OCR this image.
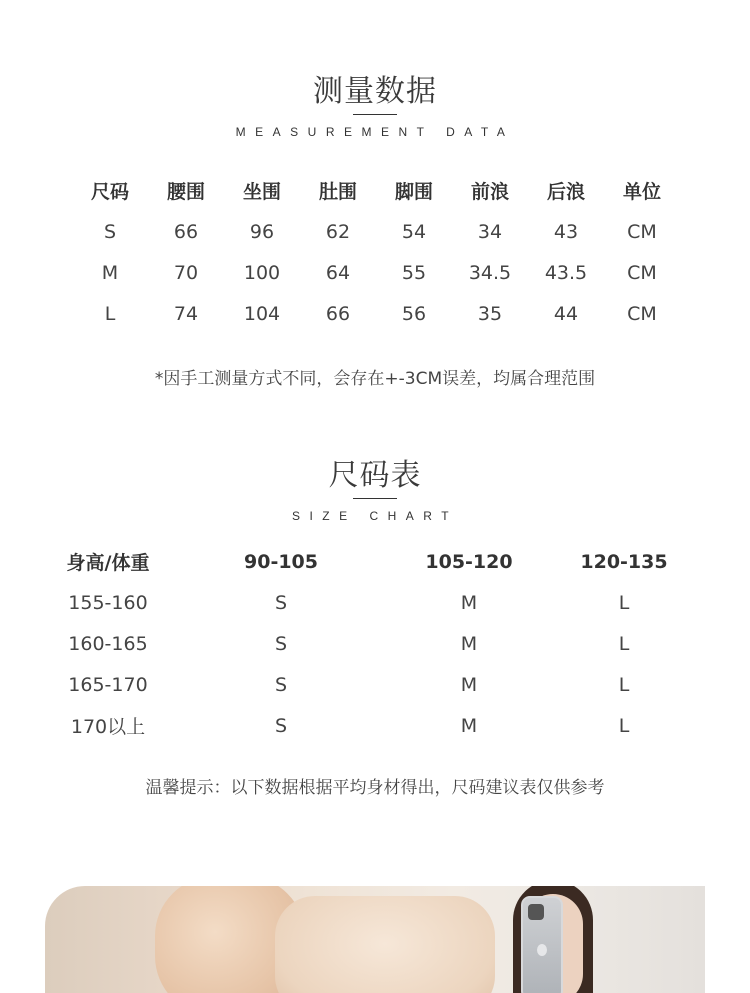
测量数据
MEASUREMENT DATA
尺码	腰围	坐围	肚围	脚围	前浪	后浪	单位
S	66	96	62	54	34	43	CM
M	70	100	64	55	34.5	43.5	CM
L	74	104	66	56	35	44	CM
*因手工测量方式不同，会存在+-3CM误差，均属合理范围
尺码表
SIZE CHART
身高/体重	90-105	105-120	120-135
155-160	S	M	L
160-165	S	M	L
165-170	S	M	L
170以上	S	M	L
温馨提示：以下数据根据平均身材得出，尺码建议表仅供参考
